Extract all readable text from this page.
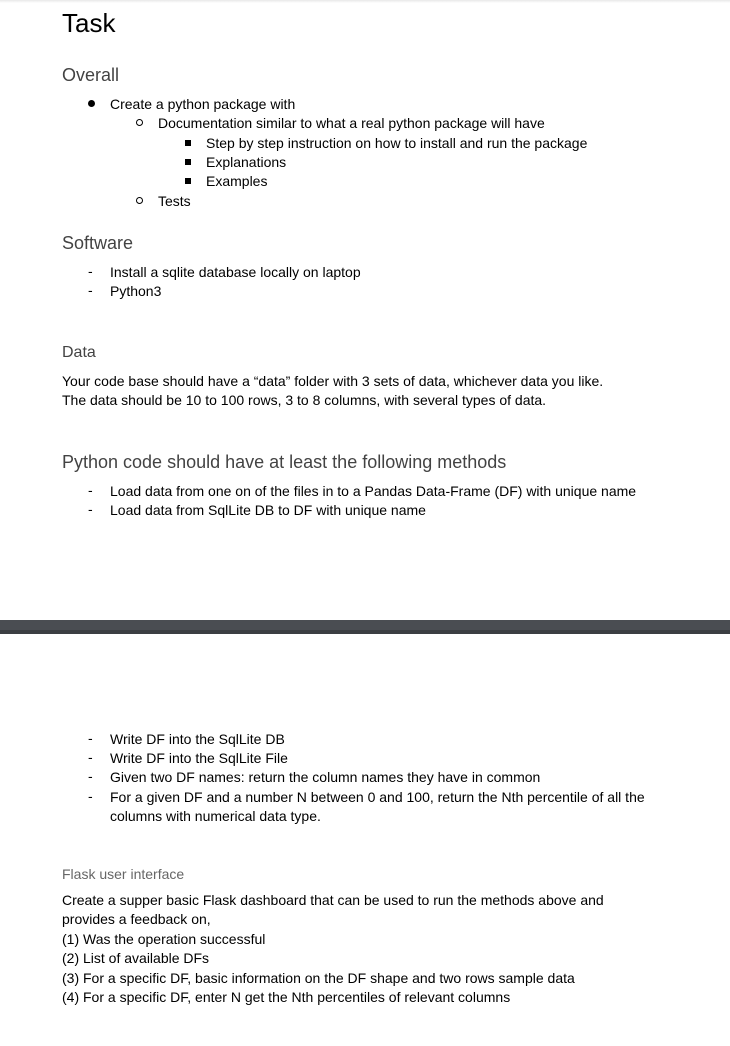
Task
Overall
Create a python package with
Documentation similar to what a real python package will have
Step by step instruction on how to install and run the package
Explanations
Examples
Tests
Software
- Install a sqlite database locally on laptop
- Python3
Data
Your code base should have a “data” folder with 3 sets of data, whichever data you like.
The data should be 10 to 100 rows, 3 to 8 columns, with several types of data.
Python code should have at least the following methods
- Load data from one on of the files in to a Pandas Data-Frame (DF) with unique name
- Load data from SqlLite DB to DF with unique name
- Write DF into the SqlLite DB
- Write DF into the SqlLite File
- Given two DF names: return the column names they have in common
- For a given DF and a number N between 0 and 100, return the Nth percentile of all the
columns with numerical data type.
Flask user interface
Create a supper basic Flask dashboard that can be used to run the methods above and
provides a feedback on,
(1) Was the operation successful
(2) List of available DFs
(3) For a specific DF, basic information on the DF shape and two rows sample data
(4) For a specific DF, enter N get the Nth percentiles of relevant columns
